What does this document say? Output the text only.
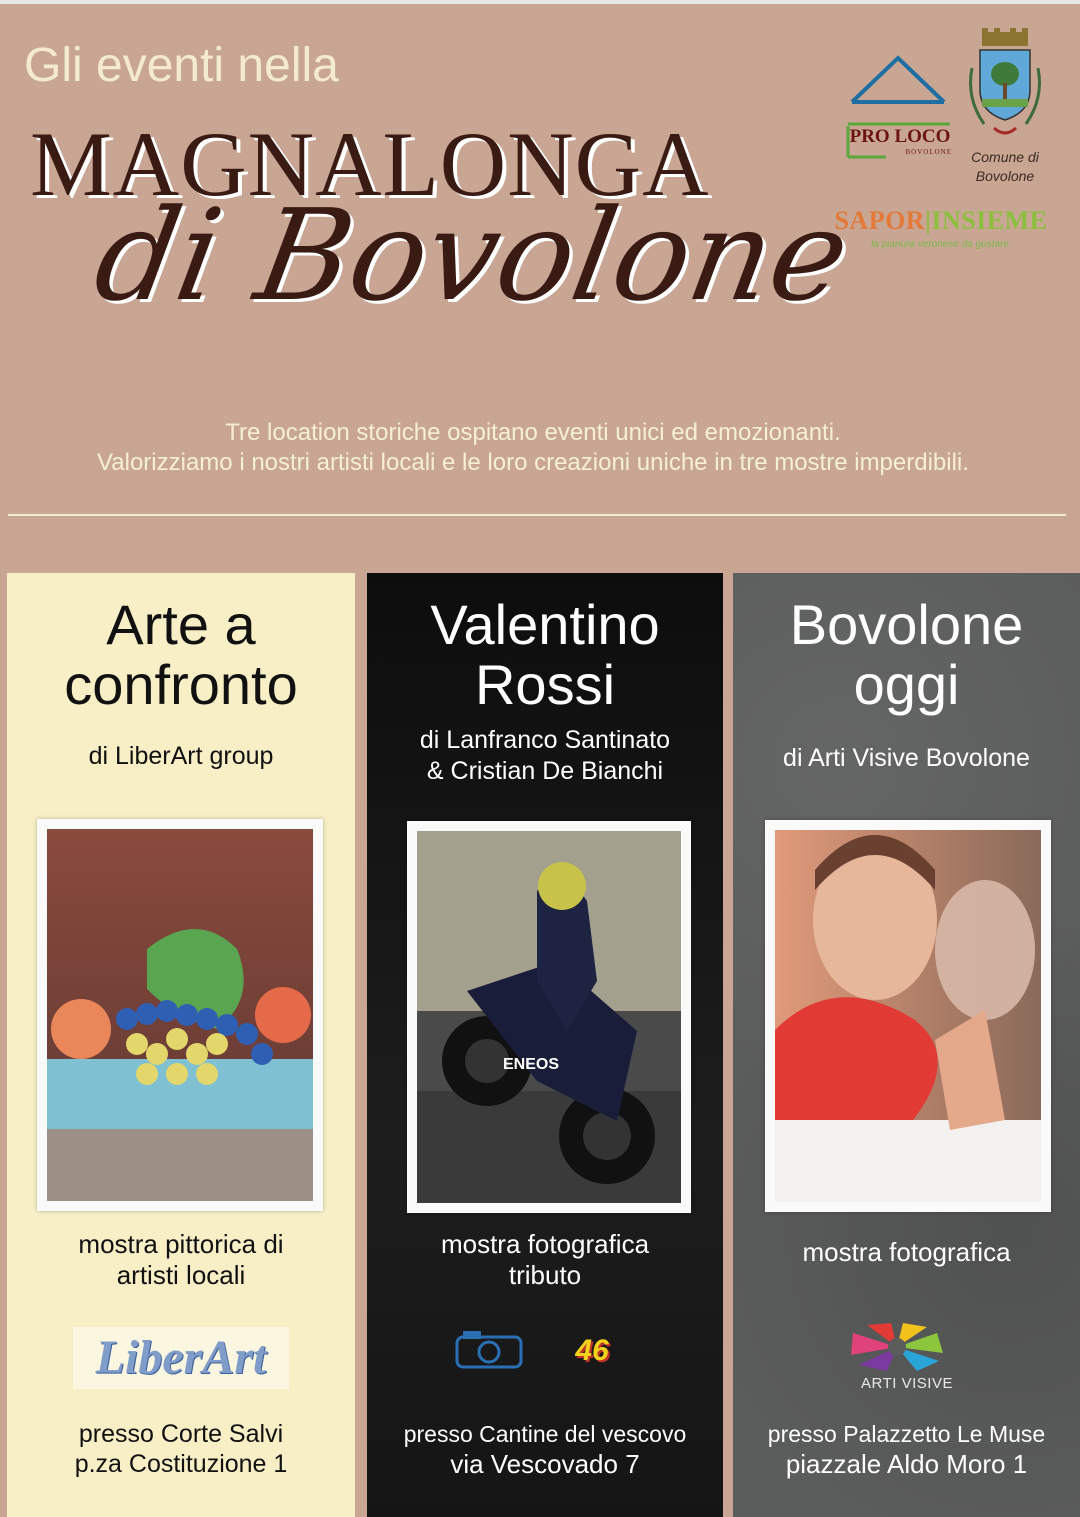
Gli eventi nella
MAGNALONGA
di Bovolone
PRO LOCO
BOVOLONE	Comune di
Bovolone
SAPOR|INSIEME
la pianura veronese da gustare
Tre location storiche ospitano eventi unici ed emozionanti.
Valorizziamo i nostri artisti locali e le loro creazioni uniche in tre mostre imperdibili.
Arte a
confronto
di LiberArt group
mostra pittorica di
artisti locali
LiberArt
presso Corte Salvi
p.za Costituzione 1
Valentino
Rossi
di Lanfranco Santinato
& Cristian De Bianchi
ENEOS
mostra fotografica
tributo
46
presso Cantine del vescovo
via Vescovado 7
Bovolone
oggi
di Arti Visive Bovolone
mostra fotografica
ARTI VISIVE
presso Palazzetto Le Muse
piazzale Aldo Moro 1
